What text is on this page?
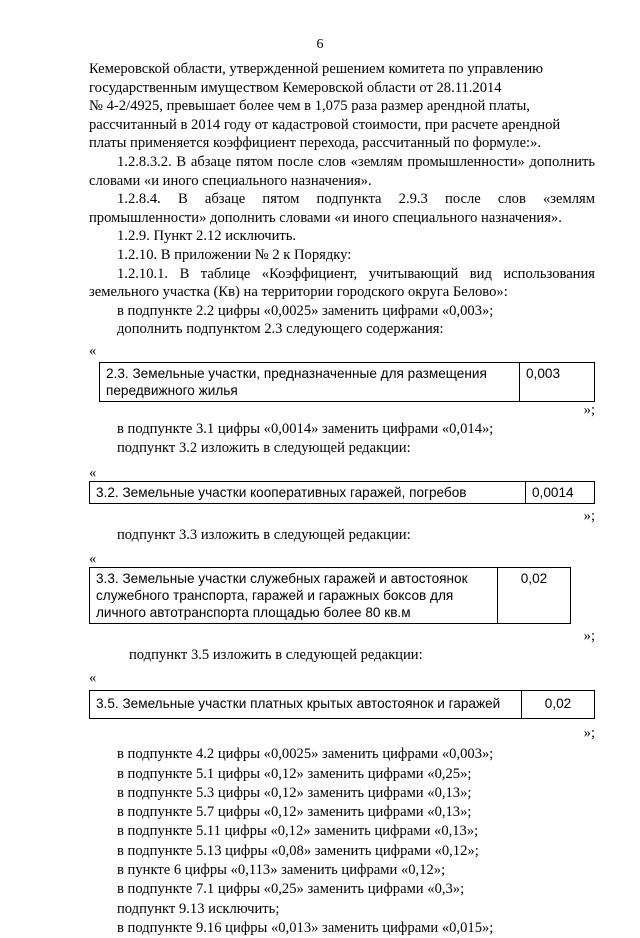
6

Кемеровской области, утвержденной решением комитета по управлению

государственным имуществом Кемеровской области от 28.11.2014

№ 4-2/4925, превышает более чем в 1,075 раза размер арендной платы,

рассчитанный в 2014 году от кадастровой стоимости, при расчете арендной

платы применяется коэффициент перехода, рассчитанный по формуле:».

1.2.8.3.2. В абзаце пятом после слов «землям промышленности» дополнить словами «и иного специального назначения».

1.2.8.4. В абзаце пятом подпункта 2.9.3 после слов «землям промышленности» дополнить словами «и иного специального назначения».

1.2.9. Пункт 2.12 исключить.

1.2.10. В приложении № 2 к Порядку:

1.2.10.1. В таблице «Коэффициент, учитывающий вид использования земельного участка (Кв) на территории городского округа Белово»:

в подпункте 2.2 цифры «0,0025» заменить цифрами «0,003»;

дополнить подпунктом 2.3 следующего содержания:

«
2.3. Земельные участки, предназначенные для размещения передвижного жилья	0,003
»;

в подпункте 3.1 цифры «0,0014» заменить цифрами «0,014»;

подпункт 3.2 изложить в следующей редакции:

«
3.2. Земельные участки кооперативных гаражей, погребов	0,0014
»;

подпункт 3.3 изложить в следующей редакции:

«
3.3. Земельные участки служебных гаражей и автостоянок служебного транспорта, гаражей и гаражных боксов для личного автотранспорта площадью более 80 кв.м	0,02
»;

подпункт 3.5 изложить в следующей редакции:

«
3.5. Земельные участки платных крытых автостоянок и гаражей	0,02
»;

в подпункте 4.2 цифры «0,0025» заменить цифрами «0,003»;

в подпункте 5.1 цифры «0,12» заменить цифрами «0,25»;

в подпункте 5.3 цифры «0,12» заменить цифрами «0,13»;

в подпункте 5.7 цифры «0,12» заменить цифрами «0,13»;

в подпункте 5.11 цифры «0,12» заменить цифрами «0,13»;

в подпункте 5.13 цифры «0,08» заменить цифрами «0,12»;

в пункте 6 цифры «0,113» заменить цифрами «0,12»;

в подпункте 7.1 цифры «0,25» заменить цифрами «0,3»;

подпункт 9.13 исключить;

в подпункте 9.16 цифры «0,013» заменить цифрами «0,015»;
